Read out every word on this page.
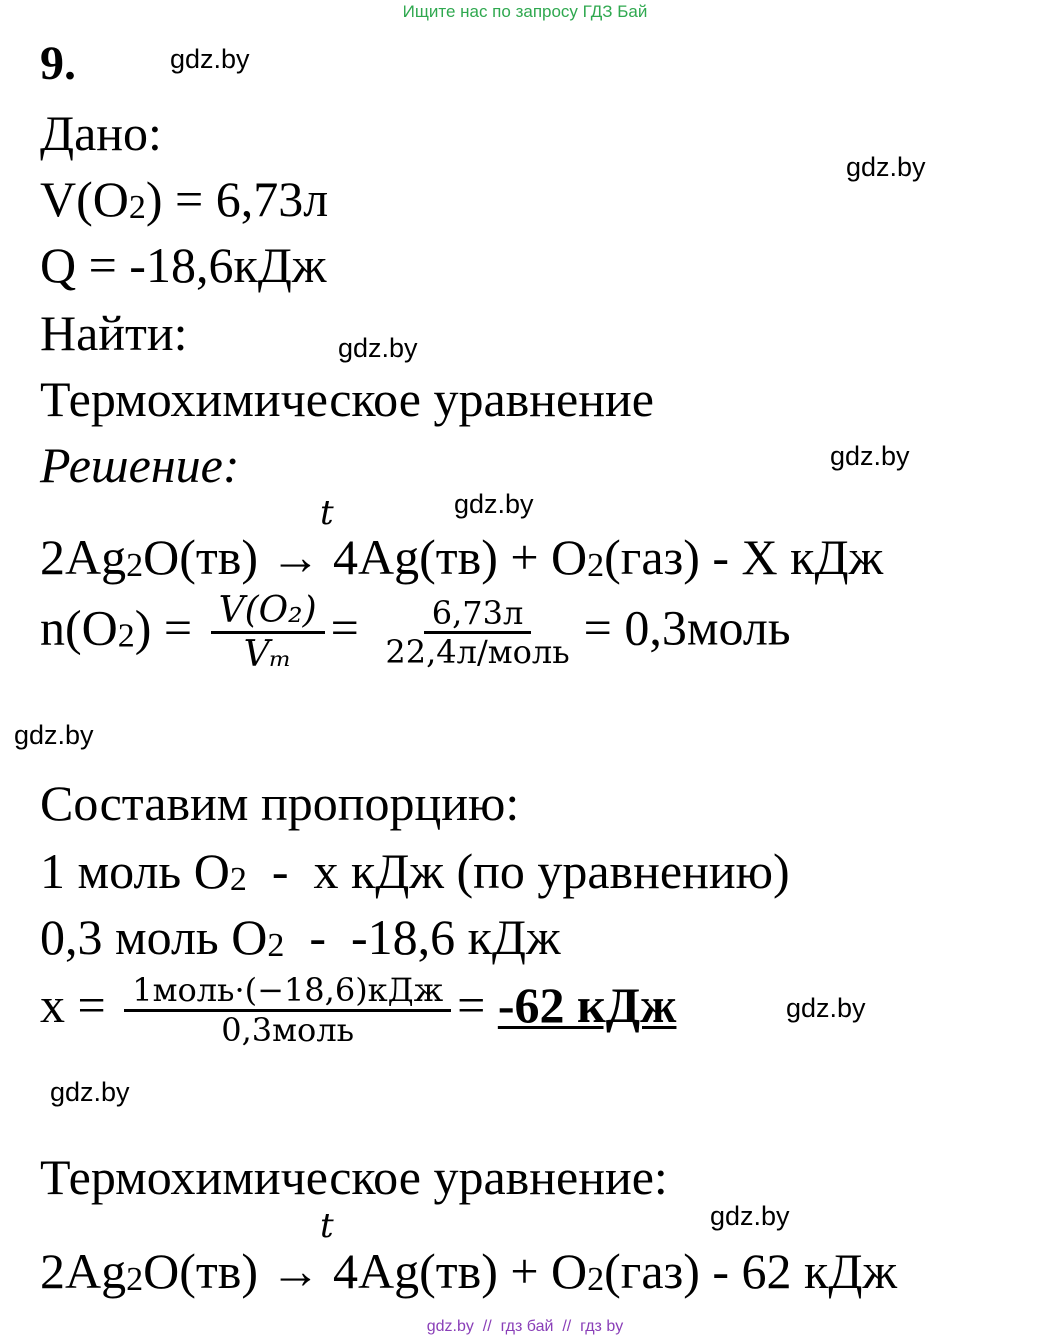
Ищите нас по запросу ГДЗ Бай
gdz.by
gdz.by
gdz.by
gdz.by
gdz.by
gdz.by
gdz.by
gdz.by
gdz.by
9.
Дано:
$V(O_2) = 6,73л$
Q = -18,6кДж
Найти:
Термохимическое уравнение
Решение:
t
$2Ag_2O(тв) \to 4Ag(тв) + O_2(газ) - X$ кДж
$n(O_2) = \frac{\text{V(O₂)}}{\text{Vₘ}} = \frac{6,73л}{\text{22,4л/моль}}$ = 0,3моль
Составим пропорцию:
1 моль $O_2$  -  x кДж (по уравнению)
0,3 моль $O_2 - -18,6$ кДж
$x = \frac{\text{1моль·(−18,6)кДж}}{\text{0,3моль}} = -62$ кДж
Термохимическое уравнение:
t
$2Ag_2O(тв) \to 4Ag(тв) + O_2(газ) - 62$ кДж
gdz.by  //  гдз бай  //  гдз by
